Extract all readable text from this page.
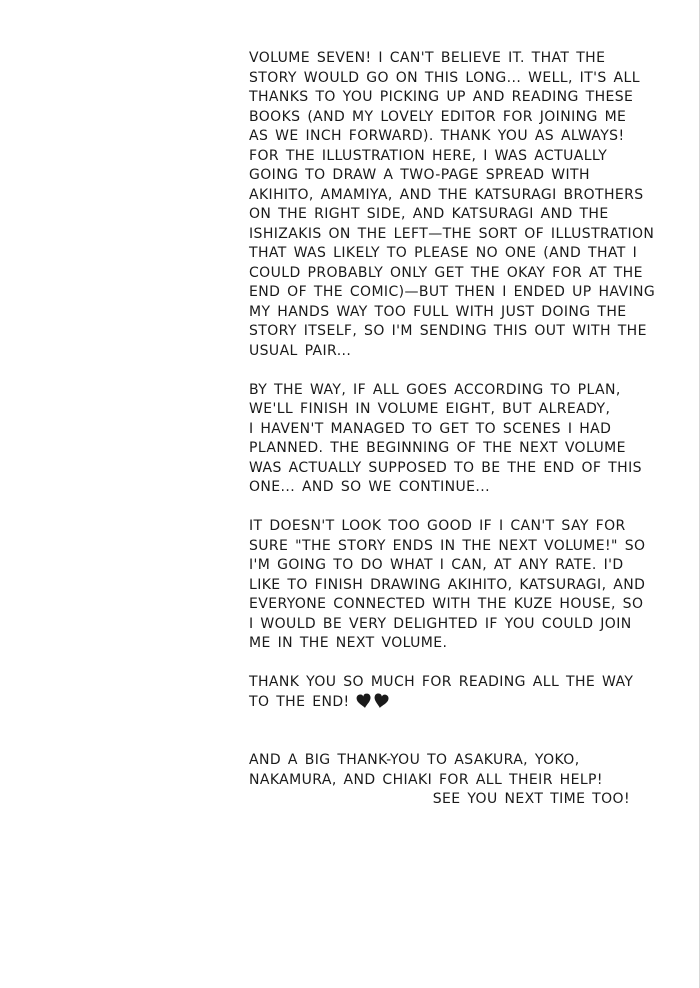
VOLUME SEVEN! I CAN'T BELIEVE IT. THAT THE
STORY WOULD GO ON THIS LONG... WELL, IT'S ALL
THANKS TO YOU PICKING UP AND READING THESE
BOOKS (AND MY LOVELY EDITOR FOR JOINING ME
AS WE INCH FORWARD). THANK YOU AS ALWAYS!
FOR THE ILLUSTRATION HERE, I WAS ACTUALLY
GOING TO DRAW A TWO-PAGE SPREAD WITH
AKIHITO, AMAMIYA, AND THE KATSURAGI BROTHERS
ON THE RIGHT SIDE, AND KATSURAGI AND THE
ISHIZAKIS ON THE LEFT—THE SORT OF ILLUSTRATION
THAT WAS LIKELY TO PLEASE NO ONE (AND THAT I
COULD PROBABLY ONLY GET THE OKAY FOR AT THE
END OF THE COMIC)—BUT THEN I ENDED UP HAVING
MY HANDS WAY TOO FULL WITH JUST DOING THE
STORY ITSELF, SO I'M SENDING THIS OUT WITH THE
USUAL PAIR...
BY THE WAY, IF ALL GOES ACCORDING TO PLAN,
WE'LL FINISH IN VOLUME EIGHT, BUT ALREADY,
I HAVEN'T MANAGED TO GET TO SCENES I HAD
PLANNED. THE BEGINNING OF THE NEXT VOLUME
WAS ACTUALLY SUPPOSED TO BE THE END OF THIS
ONE... AND SO WE CONTINUE...
IT DOESN'T LOOK TOO GOOD IF I CAN'T SAY FOR
SURE "THE STORY ENDS IN THE NEXT VOLUME!" SO
I'M GOING TO DO WHAT I CAN, AT ANY RATE. I'D
LIKE TO FINISH DRAWING AKIHITO, KATSURAGI, AND
EVERYONE CONNECTED WITH THE KUZE HOUSE, SO
I WOULD BE VERY DELIGHTED IF YOU COULD JOIN
ME IN THE NEXT VOLUME.
THANK YOU SO MUCH FOR READING ALL THE WAY
TO THE END!
AND A BIG THANK-YOU TO ASAKURA, YOKO,
NAKAMURA, AND CHIAKI FOR ALL THEIR HELP!
SEE YOU NEXT TIME TOO!
